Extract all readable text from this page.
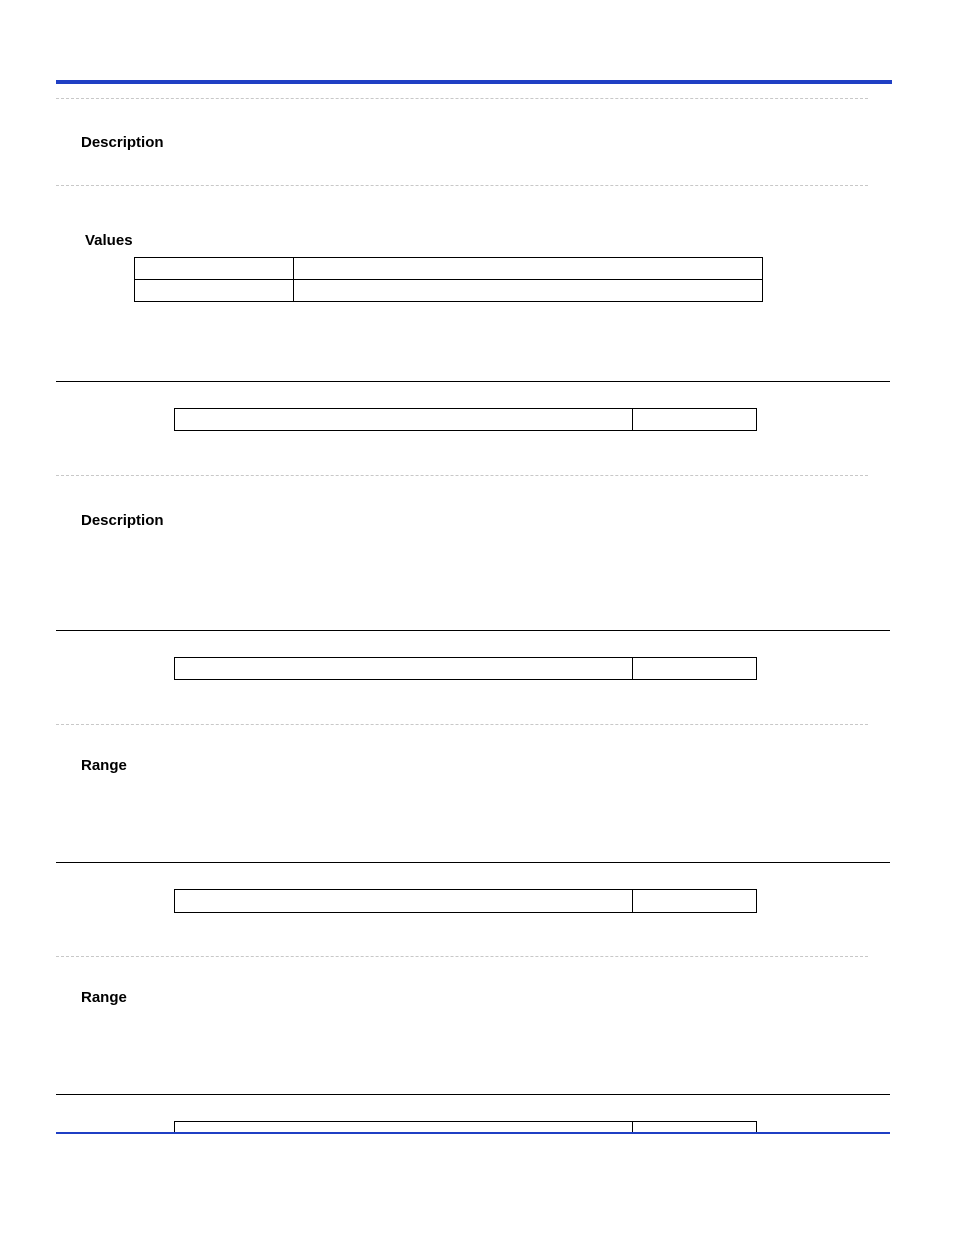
Description
Values

Description

Range

Range
